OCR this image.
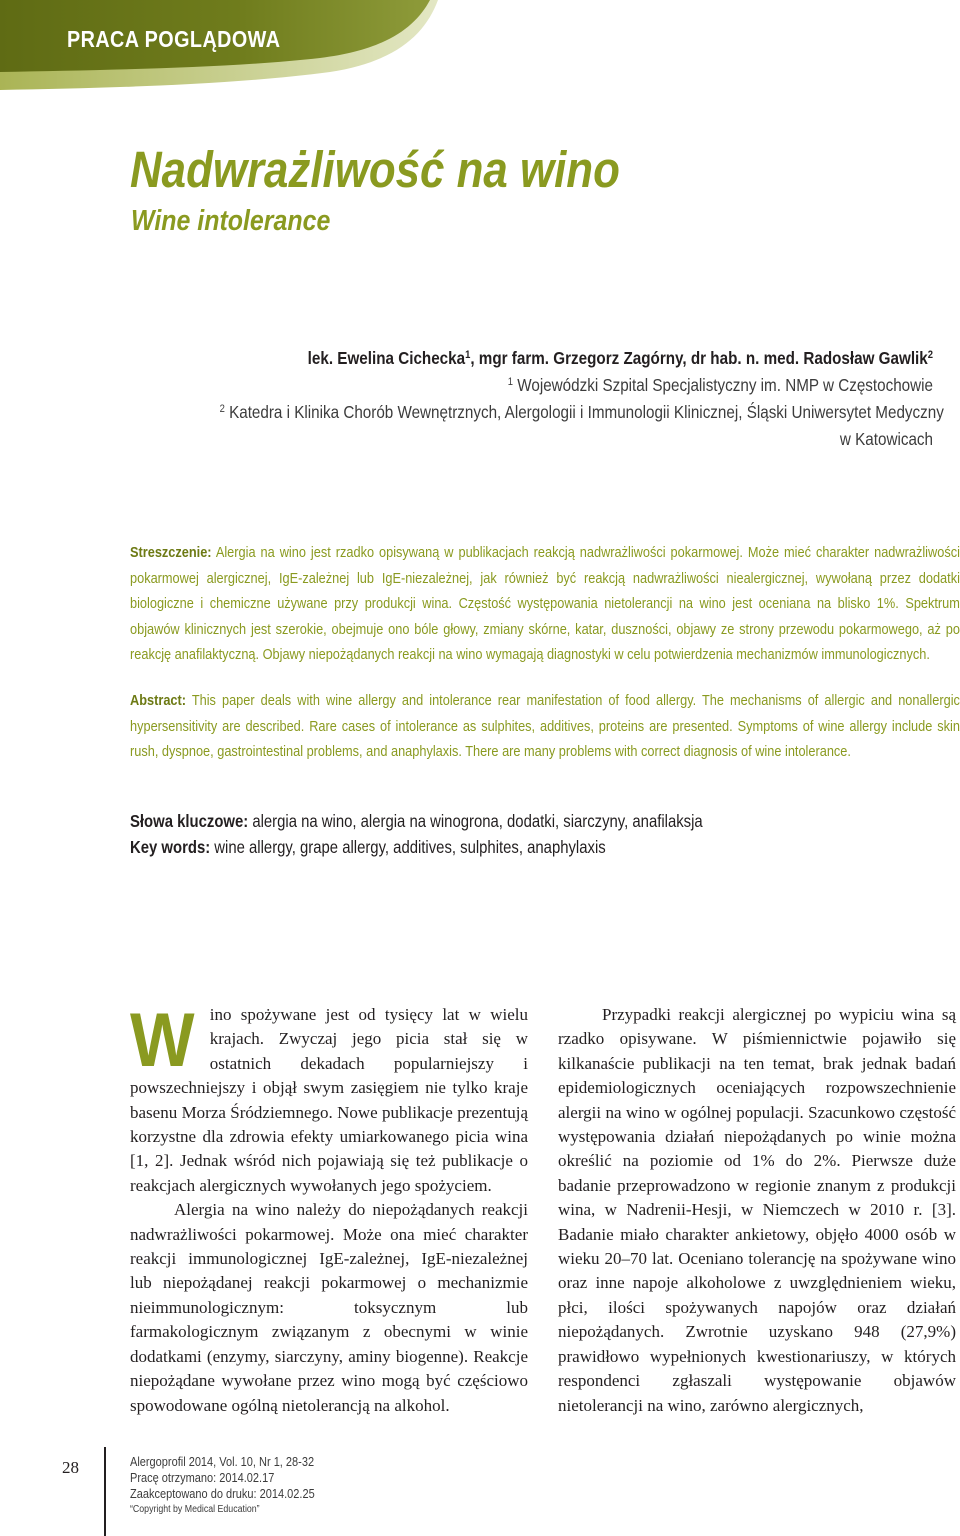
PRACA POGLĄDOWA
Nadwrażliwość na wino
Wine intolerance
lek. Ewelina Cichecka$^1$, mgr farm. Grzegorz Zagórny, dr hab. n. med. Radosław Gawlik$^2$
$^1$ Wojewódzki Szpital Specjalistyczny im. NMP w Częstochowie
$^2$ Katedra i Klinika Chorób Wewnętrznych, Alergologii i Immunologii Klinicznej, Śląski Uniwersytet Medyczny
w Katowicach
Streszczenie: Alergia na wino jest rzadko opisywaną w publikacjach reakcją nadwrażliwości pokarmowej. Może mieć charakter nadwrażliwości pokarmowej alergicznej, IgE-zależnej lub IgE-niezależnej, jak również być reakcją nadwrażliwości niealergicznej, wywołaną przez dodatki biologiczne i chemiczne używane przy produkcji wina. Częstość występowania nietolerancji na wino jest oceniana na blisko 1%. Spektrum objawów klinicznych jest szerokie, obejmuje ono bóle głowy, zmiany skórne, katar, duszności, objawy ze strony przewodu pokarmowego, aż po reakcję anafilaktyczną. Objawy niepożądanych reakcji na wino wymagają diagnostyki w celu potwierdzenia mechanizmów immunologicznych.
Abstract: This paper deals with wine allergy and intolerance rear manifestation of food allergy. The mechanisms of allergic and nonallergic hypersensitivity are described. Rare cases of intolerance as sulphites, additives, proteins are presented. Symptoms of wine allergy include skin rush, dyspnoe, gastrointestinal problems, and anaphylaxis. There are many problems with correct diagnosis of wine intolerance.
Słowa kluczowe: alergia na wino, alergia na winogrona, dodatki, siarczyny, anafilaksja
Key words: wine allergy, grape allergy, additives, sulphites, anaphylaxis

Wino spożywane jest od tysięcy lat w wielu krajach. Zwyczaj jego picia stał się w ostatnich dekadach popularniejszy i powszechniejszy i objął swym zasięgiem nie tylko kraje basenu Morza Śródziemnego. Nowe publikacje prezentują korzystne dla zdrowia efekty umiarkowanego picia wina [1, 2]. Jednak wśród nich pojawiają się też publikacje o reakcjach alergicznych wywołanych jego spożyciem.

Alergia na wino należy do niepożądanych reakcji nadwrażliwości pokarmowej. Może ona mieć charakter reakcji immunologicznej IgE-zależnej, IgE-niezależnej lub niepożądanej reakcji pokarmowej o mechanizmie nieimmunologicznym: toksycznym lub farmakologicznym związanym z obecnymi w winie dodatkami (enzymy, siarczyny, aminy biogenne). Reakcje niepożądane wywołane przez wino mogą być częściowo spowodowane ogólną nietolerancją na alkohol.

Przypadki reakcji alergicznej po wypiciu wina są rzadko opisywane. W piśmiennictwie pojawiło się kilkanaście publikacji na ten temat, brak jednak badań epidemiologicznych oceniających rozpowszechnienie alergii na wino w ogólnej populacji. Szacunkowo częstość występowania działań niepożądanych po winie można określić na poziomie od 1% do 2%. Pierwsze duże badanie przeprowadzono w regionie znanym z produkcji wina, w Nadrenii-Hesji, w Niemczech w 2010 r. [3]. Badanie miało charakter ankietowy, objęło 4000 osób w wieku 20–70 lat. Oceniano tolerancję na spożywane wino oraz inne napoje alkoholowe z uwzględnieniem wieku, płci, ilości spożywanych napojów oraz działań niepożądanych. Zwrotnie uzyskano 948 (27,9%) prawidłowo wypełnionych kwestionariuszy, w których respondenci zgłaszali występowanie objawów nietolerancji na wino, zarówno alergicznych,

28	Alergoprofil 2014, Vol. 10, Nr 1, 28-32
Pracę otrzymano: 2014.02.17
Zaakceptowano do druku: 2014.02.25
“Copyright by Medical Education”
